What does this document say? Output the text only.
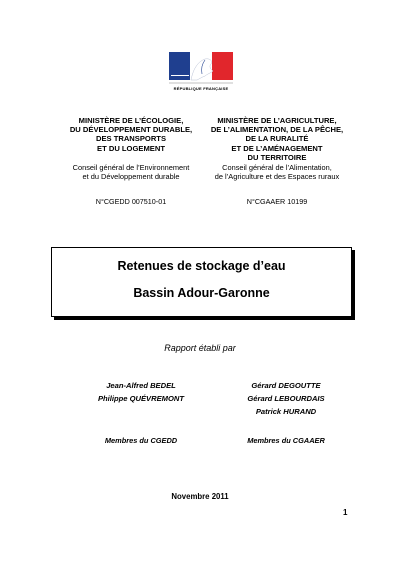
RÉPUBLIQUE FRANÇAISE
MINISTÈRE DE L’ÉCOLOGIE,
DU DÉVELOPPEMENT DURABLE,
DES TRANSPORTS
ET DU LOGEMENT
Conseil général de l’Environnement
et du Développement durable
N°CGEDD 007510-01
MINISTÈRE DE L’AGRICULTURE,
DE L’ALIMENTATION, DE LA PÊCHE,
DE LA RURALITÉ
ET DE L’AMÉNAGEMENT
DU TERRITOIRE
Conseil général de l’Alimentation,
de l’Agriculture et des Espaces ruraux
N°CGAAER 10199
Retenues de stockage d’eau
Bassin Adour-Garonne
Rapport établi par
Jean-Alfred BEDEL
Philippe QUÉVREMONT
Gérard DEGOUTTE
Gérard LEBOURDAIS
Patrick HURAND
Membres du CGEDD	Membres du CGAAER
Novembre 2011
1
